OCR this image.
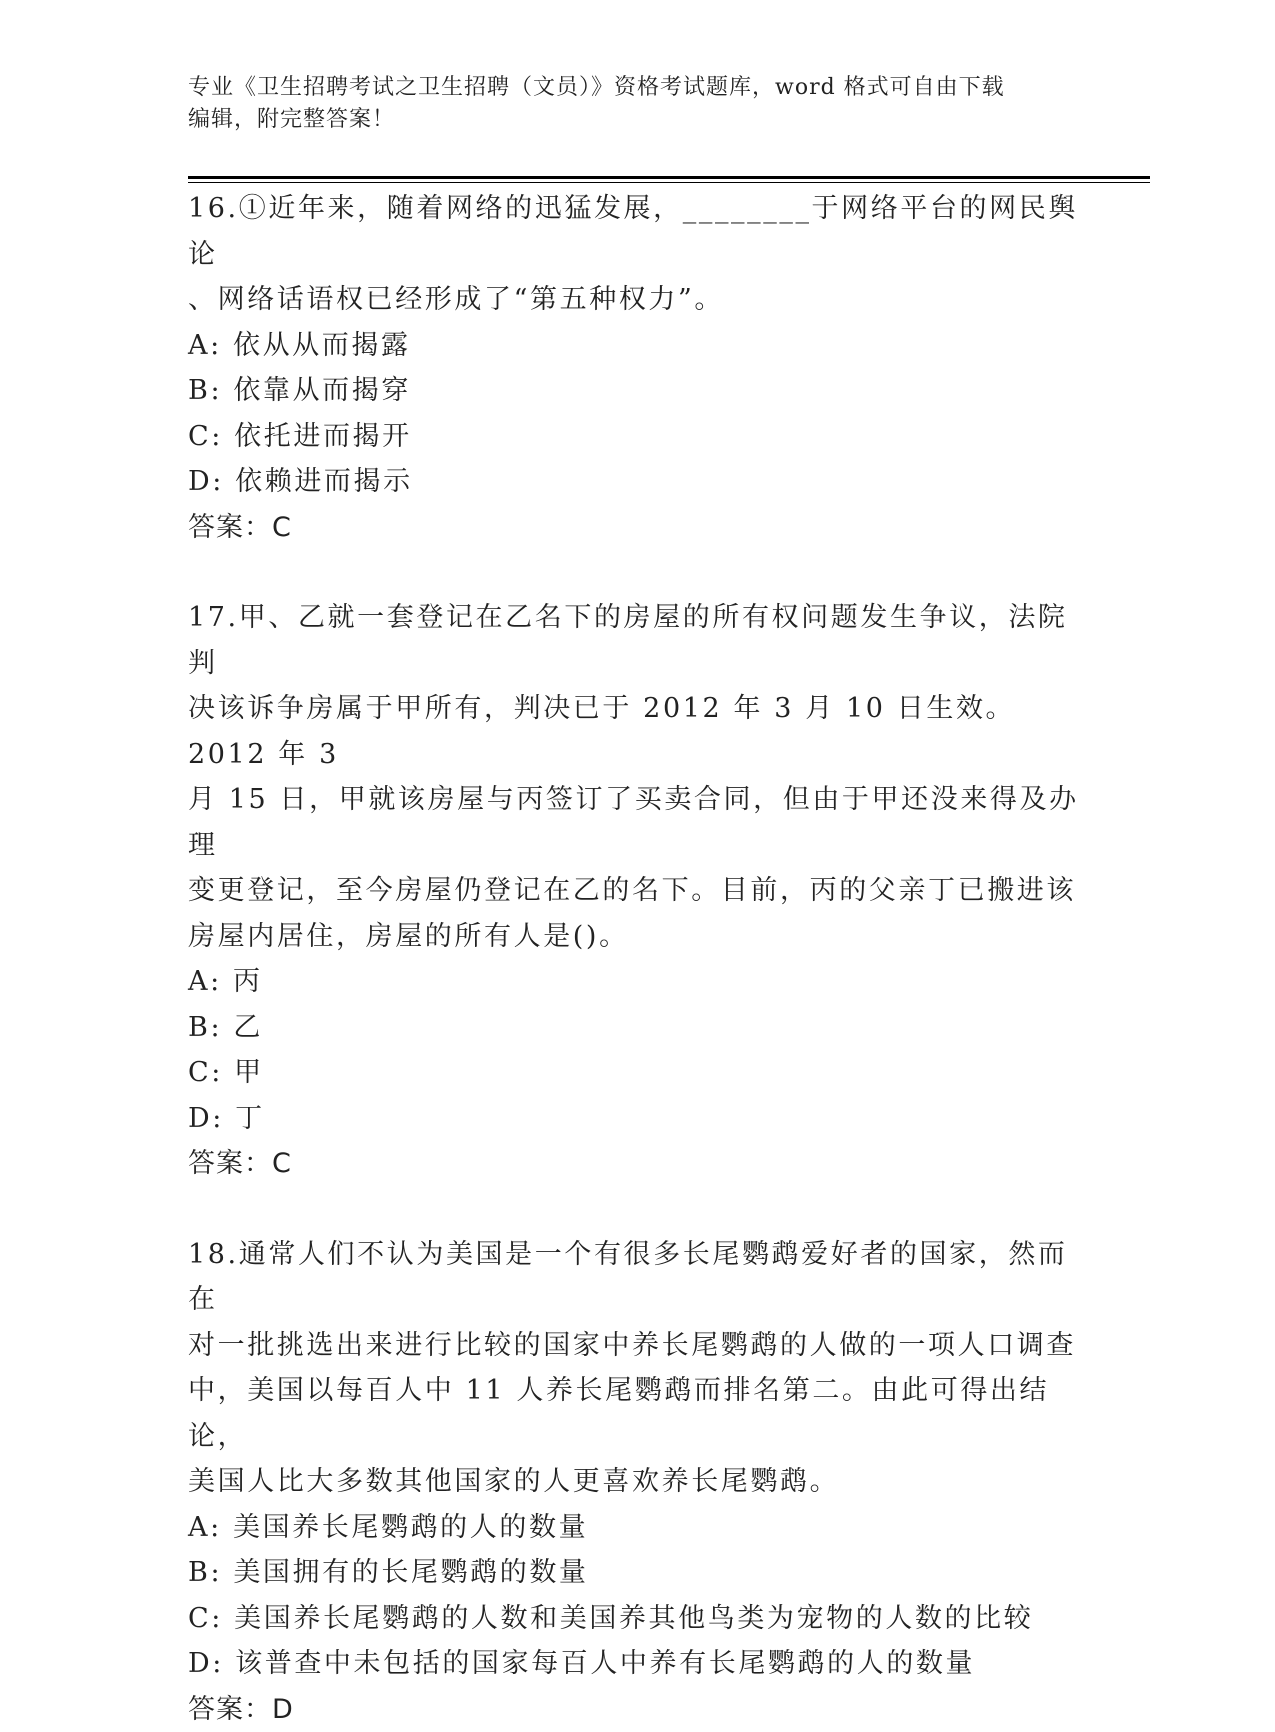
专业《卫生招聘考试之卫生招聘（文员）》资格考试题库，word 格式可自由下载
编辑，附完整答案！

16.①近年来，随着网络的迅猛发展，________于网络平台的网民舆论

、网络话语权已经形成了“第五种权力”。

A: 依从从而揭露

B: 依靠从而揭穿

C: 依托进而揭开

D: 依赖进而揭示

答案：C

17.甲、乙就一套登记在乙名下的房屋的所有权问题发生争议，法院判

决该诉争房属于甲所有，判决已于 2012 年 3 月 10 日生效。2012 年 3

月 15 日，甲就该房屋与丙签订了买卖合同，但由于甲还没来得及办理

变更登记，至今房屋仍登记在乙的名下。目前，丙的父亲丁已搬进该

房屋内居住，房屋的所有人是()。

A: 丙

B: 乙

C: 甲

D: 丁

答案：C

18.通常人们不认为美国是一个有很多长尾鹦鹉爱好者的国家，然而在

对一批挑选出来进行比较的国家中养长尾鹦鹉的人做的一项人口调查

中，美国以每百人中 11 人养长尾鹦鹉而排名第二。由此可得出结论，

美国人比大多数其他国家的人更喜欢养长尾鹦鹉。

A: 美国养长尾鹦鹉的人的数量

B: 美国拥有的长尾鹦鹉的数量

C: 美国养长尾鹦鹉的人数和美国养其他鸟类为宠物的人数的比较

D: 该普查中未包括的国家每百人中养有长尾鹦鹉的人的数量

答案：D
